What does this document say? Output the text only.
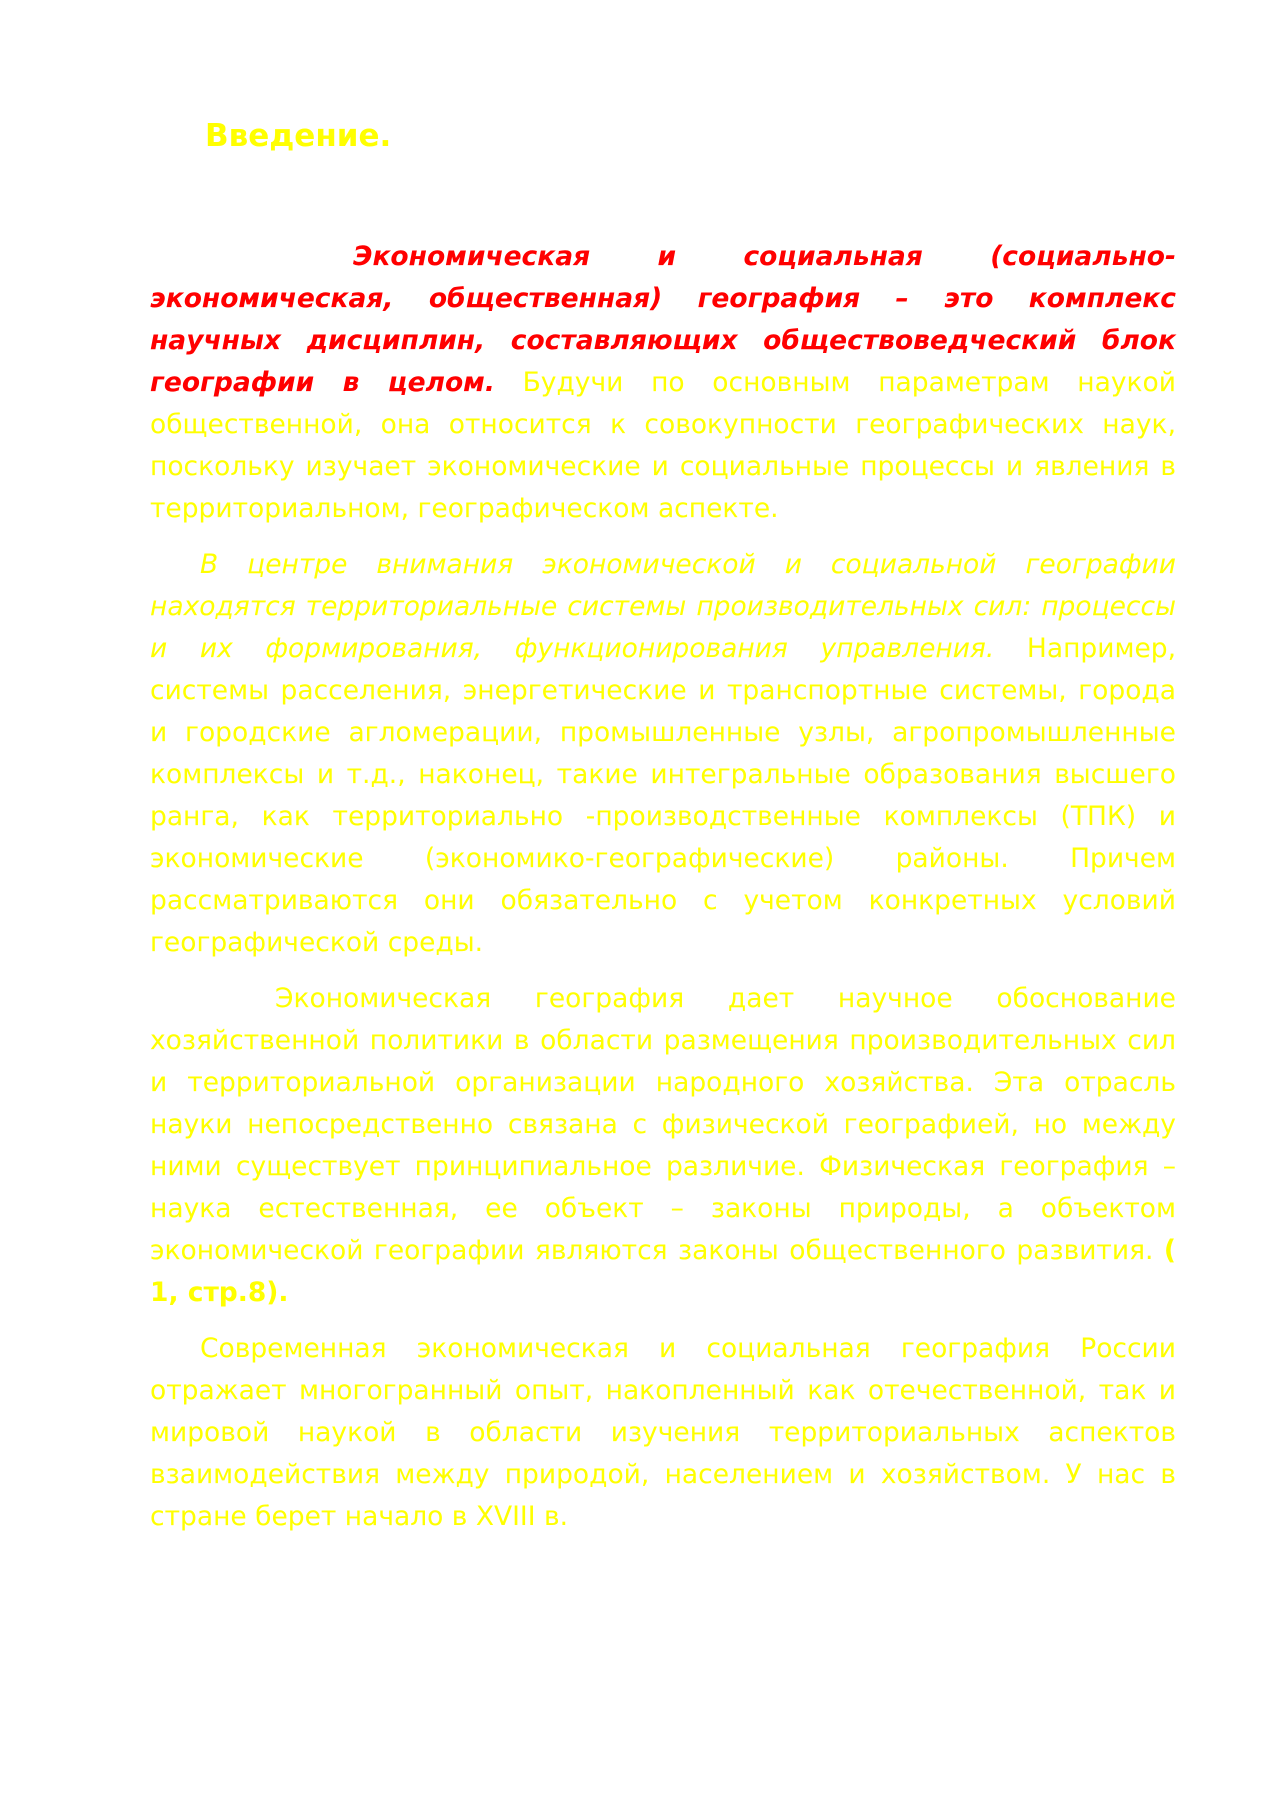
Введение.

Экономическая и социальная (социально-экономическая, общественная) география – это комплекс научных дисциплин, составляющих обществоведческий блок географии в целом. Будучи по основным параметрам наукой общественной, она относится к совокупности географических наук, поскольку изучает экономические и социальные процессы и явления в территориальном, географическом аспекте.

В центре внимания экономической и социальной географии находятся территориальные системы производительных сил: процессы и их формирования, функционирования управления. Например, системы расселения, энергетические и транспортные системы, города и городские агломерации, промышленные узлы, агропромышленные комплексы и т.д., наконец, такие интегральные образования высшего ранга, как территориально -производственные комплексы (ТПК) и экономические (экономико-географические) районы. Причем рассматриваются они обязательно с учетом конкретных условий географической среды.

Экономическая география дает научное обоснование хозяйственной политики в области размещения производительных сил и территориальной организации народного хозяйства. Эта отрасль науки непосредственно связана с физической географией, но между ними существует принципиальное различие. Физическая география – наука естественная, ее объект – законы природы, а объектом экономической географии являются законы общественного развития. ( 1, стр.8).

Современная экономическая и социальная география России отражает многогранный опыт, накопленный как отечественной, так и мировой наукой в области изучения территориальных аспектов взаимодействия между природой, населением и хозяйством. У нас в стране берет начало в XVIII в.
